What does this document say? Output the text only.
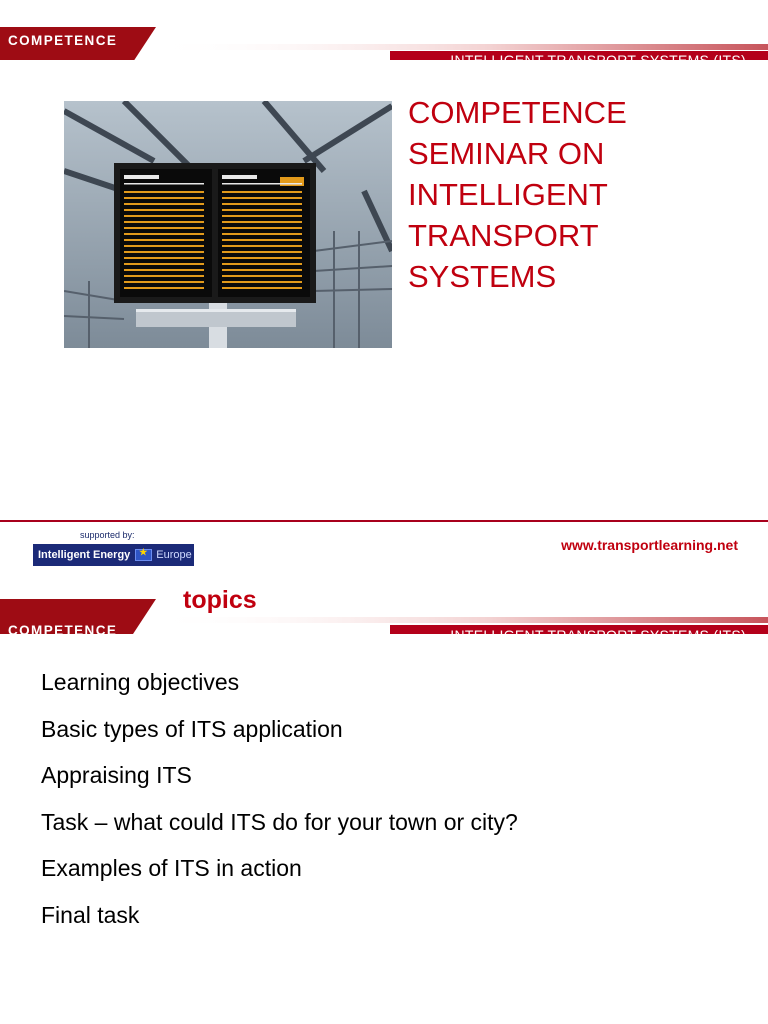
COMPETENCE
INTELLIGENT TRANSPORT SYSTEMS (ITS)
COMPETENCE
SEMINAR ON
INTELLIGENT
TRANSPORT
SYSTEMS
supported by:
Intelligent Energy
★ Europe
www.transportlearning.net
COMPETENCE	INTELLIGENT TRANSPORT SYSTEMS (ITS)
topics
Learning objectives
Basic types of ITS application
Appraising ITS
Task – what could ITS do for your town or city?
Examples of ITS in action
Final task
